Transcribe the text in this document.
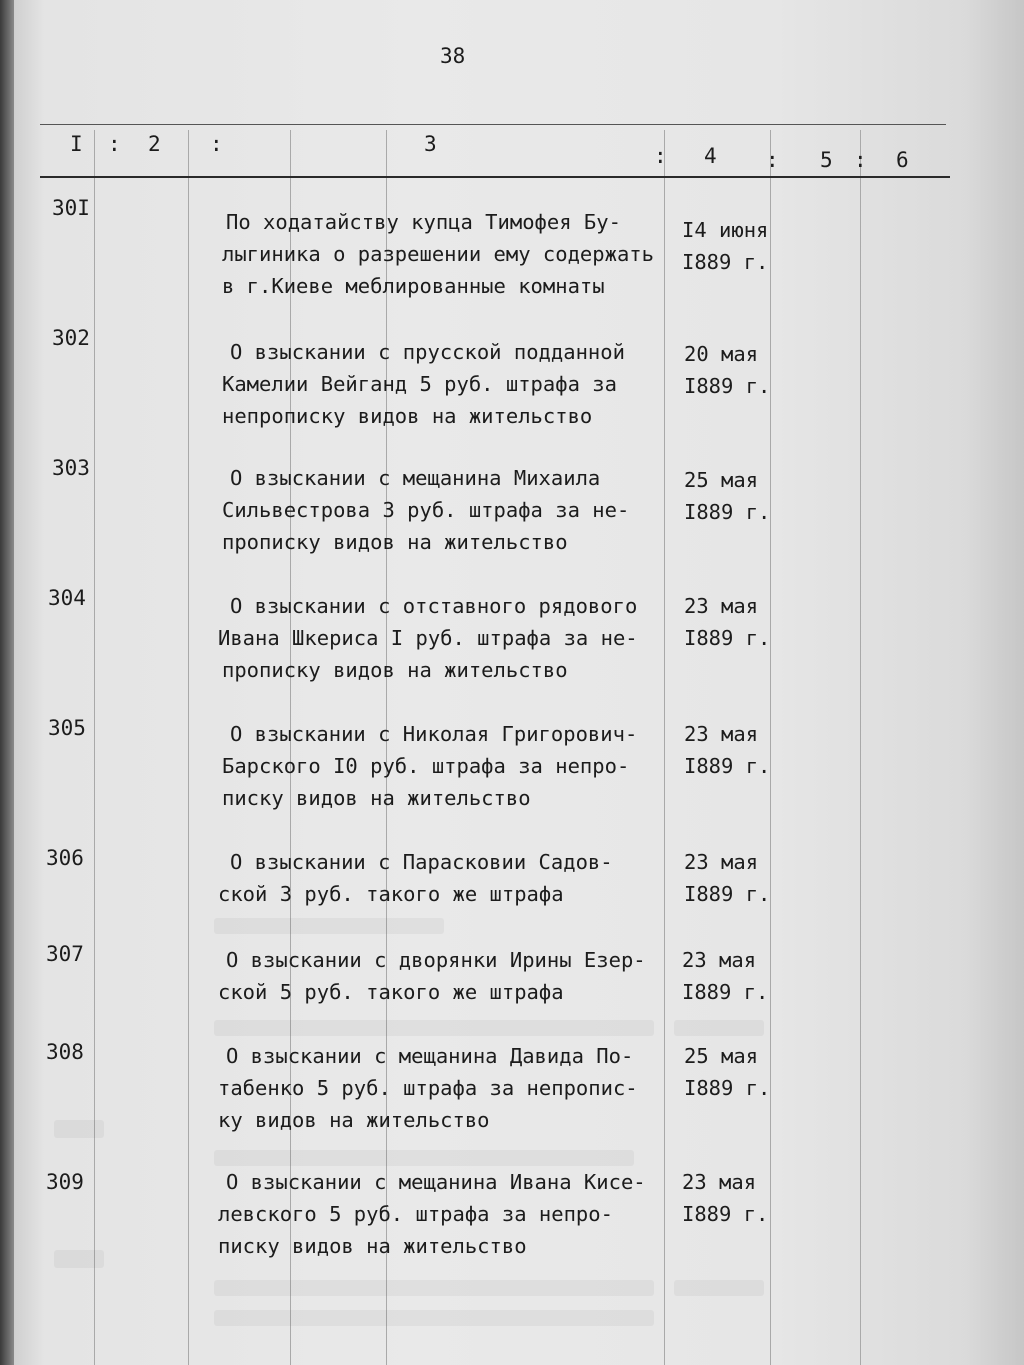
38
I : 2 :	3	: 4 : 5 : 6
30I
По ходатайству купца Тимофея Бу-
лыгиника о разрешении ему содержать
в г.Киеве меблированные комнаты
I4 июня
I889 г.
302
О взыскании с прусской подданной
Камелии Вейганд 5 руб. штрафа за
непрописку видов на жительство
20 мая
I889 г.
303	О взыскании с мещанина Михаила
Сильвестрова 3 руб. штрафа за не-
прописку видов на жительство
25 мая
I889 г.
304	О взыскании с отставного рядового
Ивана Шкериса I руб. штрафа за не-
прописку видов на жительство
23 мая
I889 г.
305	О взыскании с Николая Григорович-
Барского I0 руб. штрафа за непро-
писку видов на жительство
23 мая
I889 г.
306	О взыскании с Парасковии Садов-
ской 3 руб. такого же штрафа
23 мая
I889 г.
307	О взыскании с дворянки Ирины Езер-
ской 5 руб. такого же штрафа
23 мая
I889 г.
308	О взыскании с мещанина Давида По-
табенко 5 руб. штрафа за непропис-
ку видов на жительство
25 мая
I889 г.
309	О взыскании с мещанина Ивана Кисе-
левского 5 руб. штрафа за непро-
писку видов на жительство
23 мая
I889 г.
